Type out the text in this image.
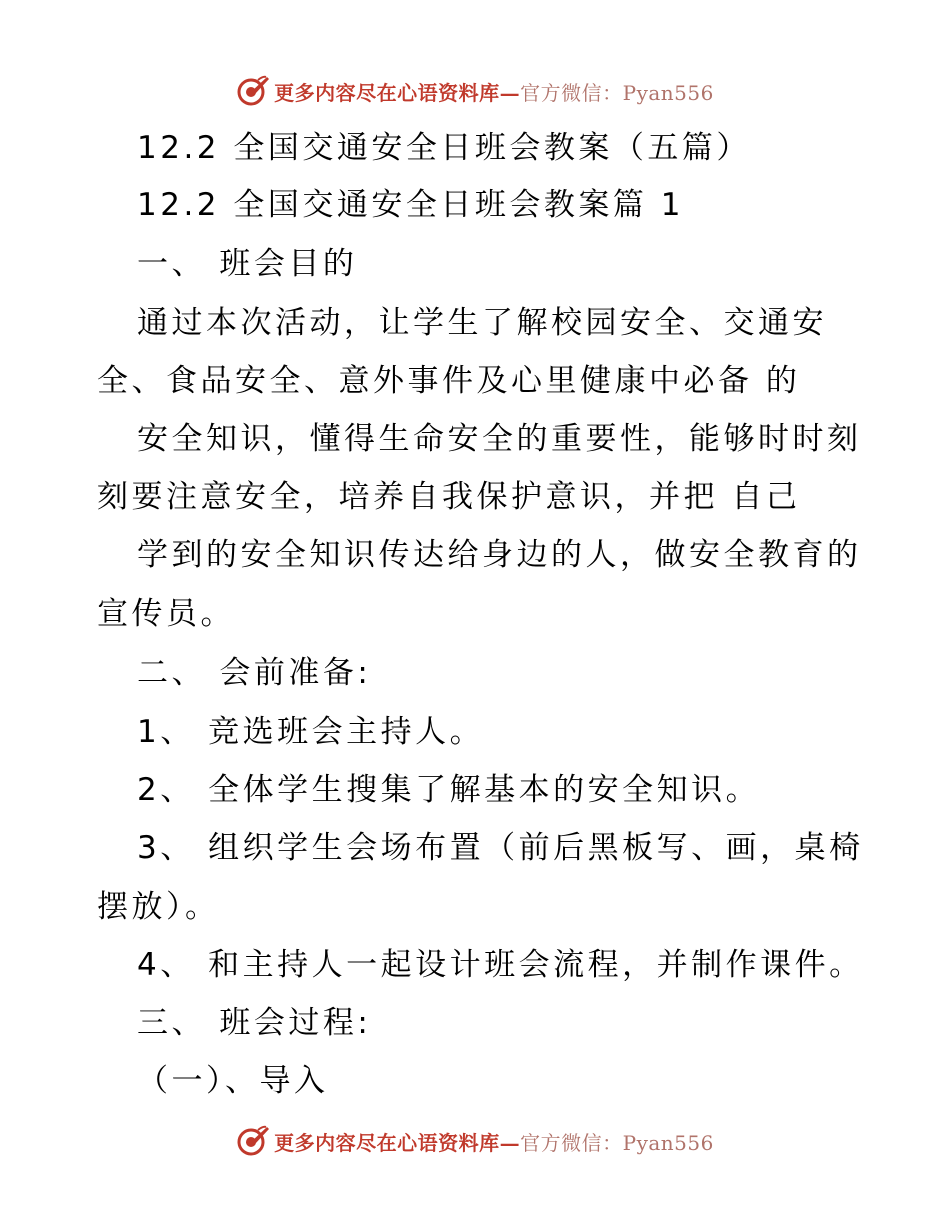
更多内容尽在心语资料库—官方微信：Pyan556
12.2 全国交通安全日班会教案（五篇）
12.2 全国交通安全日班会教案篇 1
一、 班会目的
通过本次活动，让学生了解校园安全、交通安
全、食品安全、意外事件及心里健康中必备 的
安全知识，懂得生命安全的重要性，能够时时刻
刻要注意安全，培养自我保护意识，并把 自己
学到的安全知识传达给身边的人，做安全教育的
宣传员。
二、 会前准备:
1、 竞选班会主持人。
2、 全体学生搜集了解基本的安全知识。
3、 组织学生会场布置（前后黑板写、画，桌椅
摆放）。
4、 和主持人一起设计班会流程，并制作课件。
三、 班会过程:
（一）、导入
更多内容尽在心语资料库—官方微信：Pyan556
